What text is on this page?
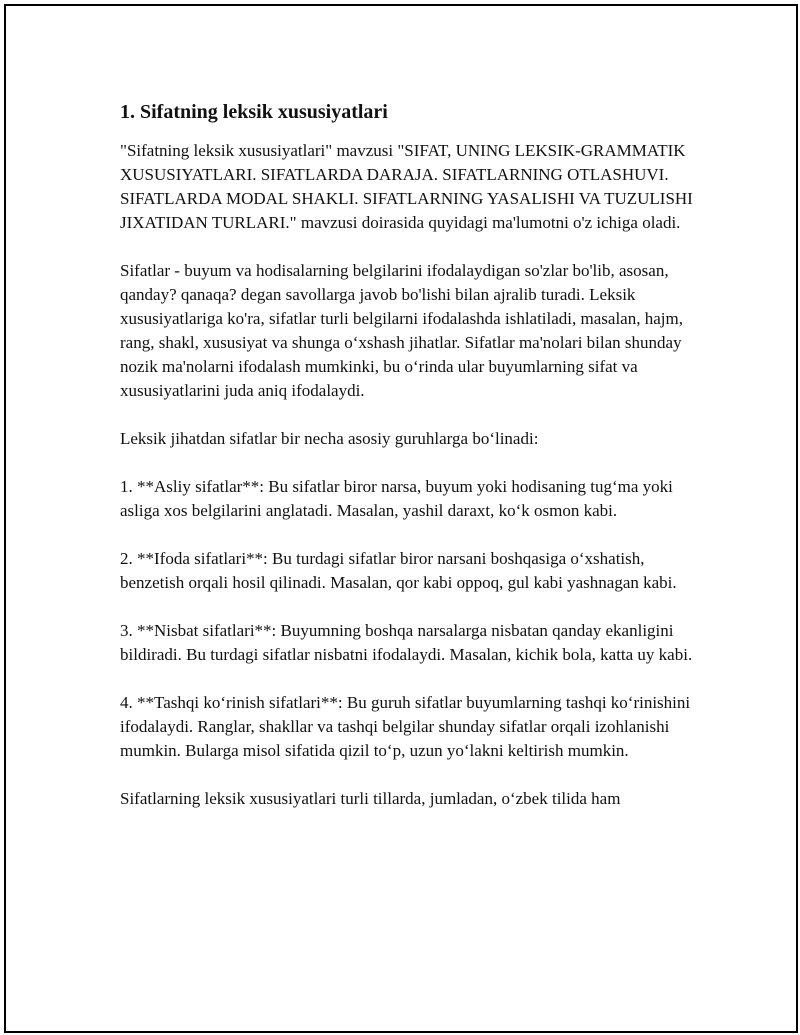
1. Sifatning leksik xususiyatlari

"Sifatning leksik xususiyatlari" mavzusi "SIFAT, UNING LEKSIK-GRAMMATIK XUSUSIYATLARI. SIFATLARDA DARAJA. SIFATLARNING OTLASHUVI. SIFATLARDA MODAL SHAKLI. SIFATLARNING YASALISHI VA TUZULISHI JIXATIDAN TURLARI." mavzusi doirasida quyidagi ma'lumotni o'z ichiga oladi.

Sifatlar - buyum va hodisalarning belgilarini ifodalaydigan so'zlar bo'lib, asosan, qanday? qanaqa? degan savollarga javob bo'lishi bilan ajralib turadi. Leksik xususiyatlariga ko'ra, sifatlar turli belgilarni ifodalashda ishlatiladi, masalan, hajm, rang, shakl, xususiyat va shunga o‘xshash jihatlar. Sifatlar ma'nolari bilan shunday nozik ma'nolarni ifodalash mumkinki, bu o‘rinda ular buyumlarning sifat va xususiyatlarini juda aniq ifodalaydi.

Leksik jihatdan sifatlar bir necha asosiy guruhlarga bo‘linadi:

1. **Asliy sifatlar**: Bu sifatlar biror narsa, buyum yoki hodisaning tug‘ma yoki asliga xos belgilarini anglatadi. Masalan, yashil daraxt, ko‘k osmon kabi.

2. **Ifoda sifatlari**: Bu turdagi sifatlar biror narsani boshqasiga o‘xshatish, benzetish orqali hosil qilinadi. Masalan, qor kabi oppoq, gul kabi yashnagan kabi.

3. **Nisbat sifatlari**: Buyumning boshqa narsalarga nisbatan qanday ekanligini bildiradi. Bu turdagi sifatlar nisbatni ifodalaydi. Masalan, kichik bola, katta uy kabi.

4. **Tashqi ko‘rinish sifatlari**: Bu guruh sifatlar buyumlarning tashqi ko‘rinishini ifodalaydi. Ranglar, shakllar va tashqi belgilar shunday sifatlar orqali izohlanishi mumkin. Bularga misol sifatida qizil to‘p, uzun yo‘lakni keltirish mumkin.

Sifatlarning leksik xususiyatlari turli tillarda, jumladan, o‘zbek tilida ham
